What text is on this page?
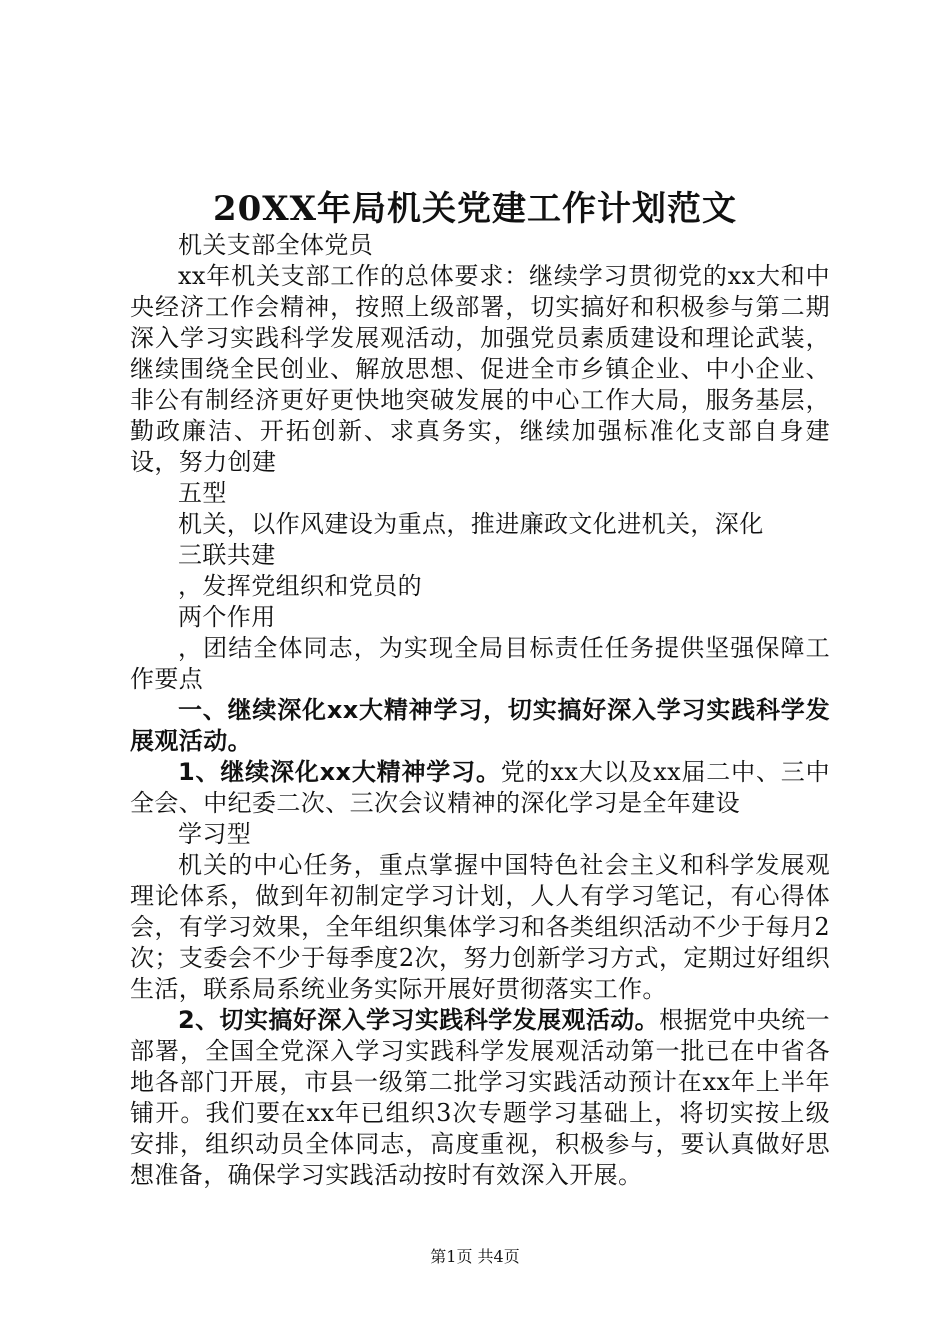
20XX年局机关党建工作计划范文

机关支部全体党员

xx年机关支部工作的总体要求：继续学习贯彻党的xx大和中央经济工作会精神，按照上级部署，切实搞好和积极参与第二期深入学习实践科学发展观活动，加强党员素质建设和理论武装，继续围绕全民创业、解放思想、促进全市乡镇企业、中小企业、非公有制经济更好更快地突破发展的中心工作大局，服务基层，勤政廉洁、开拓创新、求真务实，继续加强标准化支部自身建设，努力创建

五型

机关，以作风建设为重点，推进廉政文化进机关，深化

三联共建

，发挥党组织和党员的

两个作用

，团结全体同志，为实现全局目标责任任务提供坚强保障工作要点

一、继续深化xx大精神学习，切实搞好深入学习实践科学发展观活动。

1、继续深化xx大精神学习。党的xx大以及xx届二中、三中全会、中纪委二次、三次会议精神的深化学习是全年建设

学习型

机关的中心任务，重点掌握中国特色社会主义和科学发展观理论体系，做到年初制定学习计划，人人有学习笔记，有心得体会，有学习效果，全年组织集体学习和各类组织活动不少于每月2次；支委会不少于每季度2次，努力创新学习方式，定期过好组织生活，联系局系统业务实际开展好贯彻落实工作。

2、切实搞好深入学习实践科学发展观活动。根据党中央统一部署，全国全党深入学习实践科学发展观活动第一批已在中省各地各部门开展，市县一级第二批学习实践活动预计在xx年上半年铺开。我们要在xx年已组织3次专题学习基础上，将切实按上级安排，组织动员全体同志，高度重视，积极参与，要认真做好思想准备，确保学习实践活动按时有效深入开展。

第1页 共4页
